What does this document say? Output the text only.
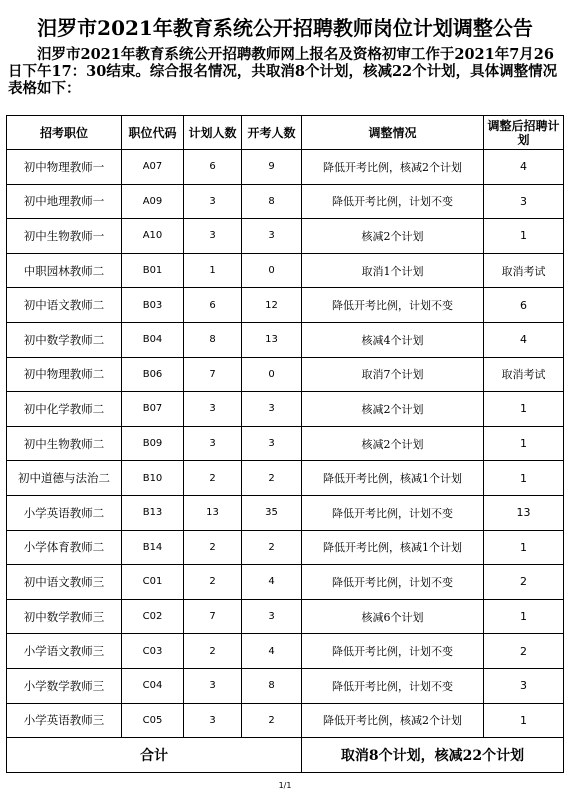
汨罗市2021年教育系统公开招聘教师岗位计划调整公告
汨罗市2021年教育系统公开招聘教师网上报名及资格初审工作于2021年7月26日下午17：30结束。综合报名情况，共取消8个计划，核减22个计划，具体调整情况表格如下：
招考职位	职位代码	计划人数	开考人数	调整情况	调整后招聘计划
初中物理教师一	A07	6	9	降低开考比例，核减2个计划	4
初中地理教师一	A09	3	8	降低开考比例，计划不变	3
初中生物教师一	A10	3	3	核减2个计划	1
中职园林教师二	B01	1	0	取消1个计划	取消考试
初中语文教师二	B03	6	12	降低开考比例，计划不变	6
初中数学教师二	B04	8	13	核减4个计划	4
初中物理教师二	B06	7	0	取消7个计划	取消考试
初中化学教师二	B07	3	3	核减2个计划	1
初中生物教师二	B09	3	3	核减2个计划	1
初中道德与法治二	B10	2	2	降低开考比例，核减1个计划	1
小学英语教师二	B13	13	35	降低开考比例，计划不变	13
小学体育教师二	B14	2	2	降低开考比例，核减1个计划	1
初中语文教师三	C01	2	4	降低开考比例，计划不变	2
初中数学教师三	C02	7	3	核减6个计划	1
小学语文教师三	C03	2	4	降低开考比例，计划不变	2
小学数学教师三	C04	3	8	降低开考比例，计划不变	3
小学英语教师三	C05	3	2	降低开考比例，核减2个计划	1
合计				取消8个计划，核减22个计划	
1/1
